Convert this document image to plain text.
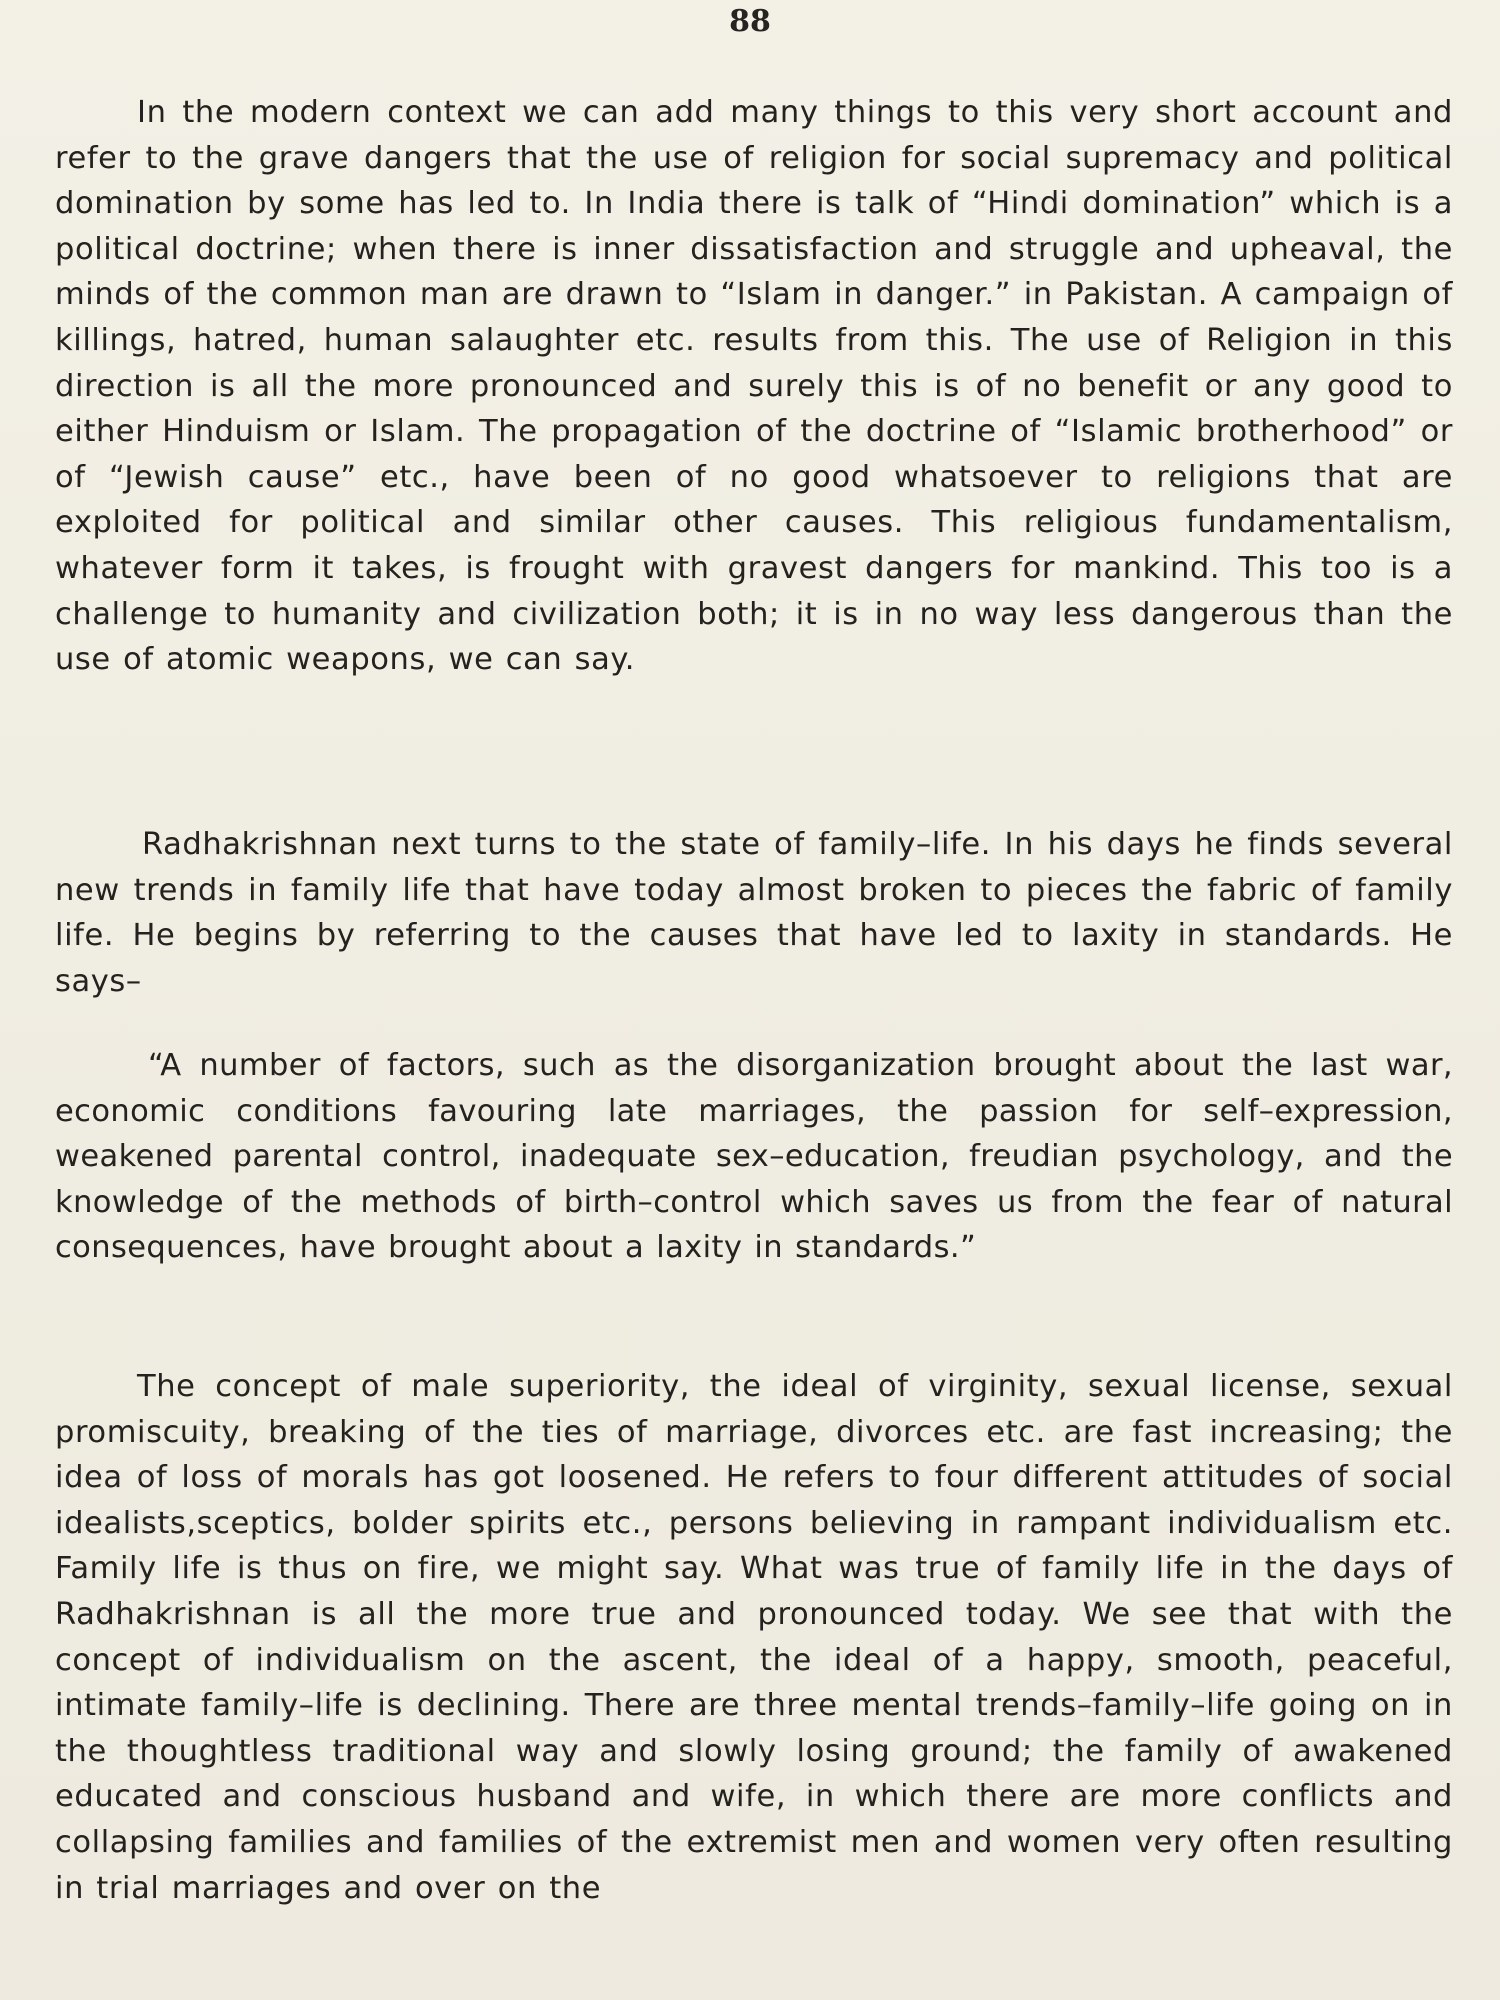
88

In the modern context we can add many things to this very short account and refer to the grave dangers that the use of religion for social supremacy and political domination by some has led to. In India there is talk of “Hindi domination” which is a political doctrine; when there is inner dissatisfaction and struggle and upheaval, the minds of the common man are drawn to “Islam in danger.” in Pakistan. A campaign of killings, hatred, human salaughter etc. results from this. The use of Religion in this direction is all the more pronounced and surely this is of no benefit or any good to either Hinduism or Islam. The propagation of the doctrine of “Islamic brotherhood” or of “Jewish cause” etc., have been of no good whatsoever to religions that are exploited for political and similar other causes. This religious fundamentalism, whatever form it takes, is frought with gravest dangers for mankind. This too is a challenge to humanity and civilization both; it is in no way less dangerous than the use of atomic weapons, we can say.

Radhakrishnan next turns to the state of family–life. In his days he finds several new trends in family life that have today almost broken to pieces the fabric of family life. He begins by referring to the causes that have led to laxity in standards. He says–

“A number of factors, such as the disorganization brought about the last war, economic conditions favouring late marriages, the passion for self–expression, weakened parental control, inadequate sex–education, freudian psychology, and the knowledge of the methods of birth–control which saves us from the fear of natural consequences, have brought about a laxity in standards.”

The concept of male superiority, the ideal of virginity, sexual license, sexual promiscuity, breaking of the ties of marriage, divorces etc. are fast increasing; the idea of loss of morals has got loosened. He refers to four different attitudes of social idealists,sceptics, bolder spirits etc., persons believing in rampant individualism etc. Family life is thus on fire, we might say. What was true of family life in the days of Radhakrishnan is all the more true and pronounced today. We see that with the concept of individualism on the ascent, the ideal of a happy, smooth, peaceful, intimate family–life is declining. There are three mental trends–family–life going on in the thoughtless traditional way and slowly losing ground; the family of awakened educated and conscious husband and wife, in which there are more conflicts and collapsing families and families of the extremist men and women very often resulting in trial marriages and over on the
